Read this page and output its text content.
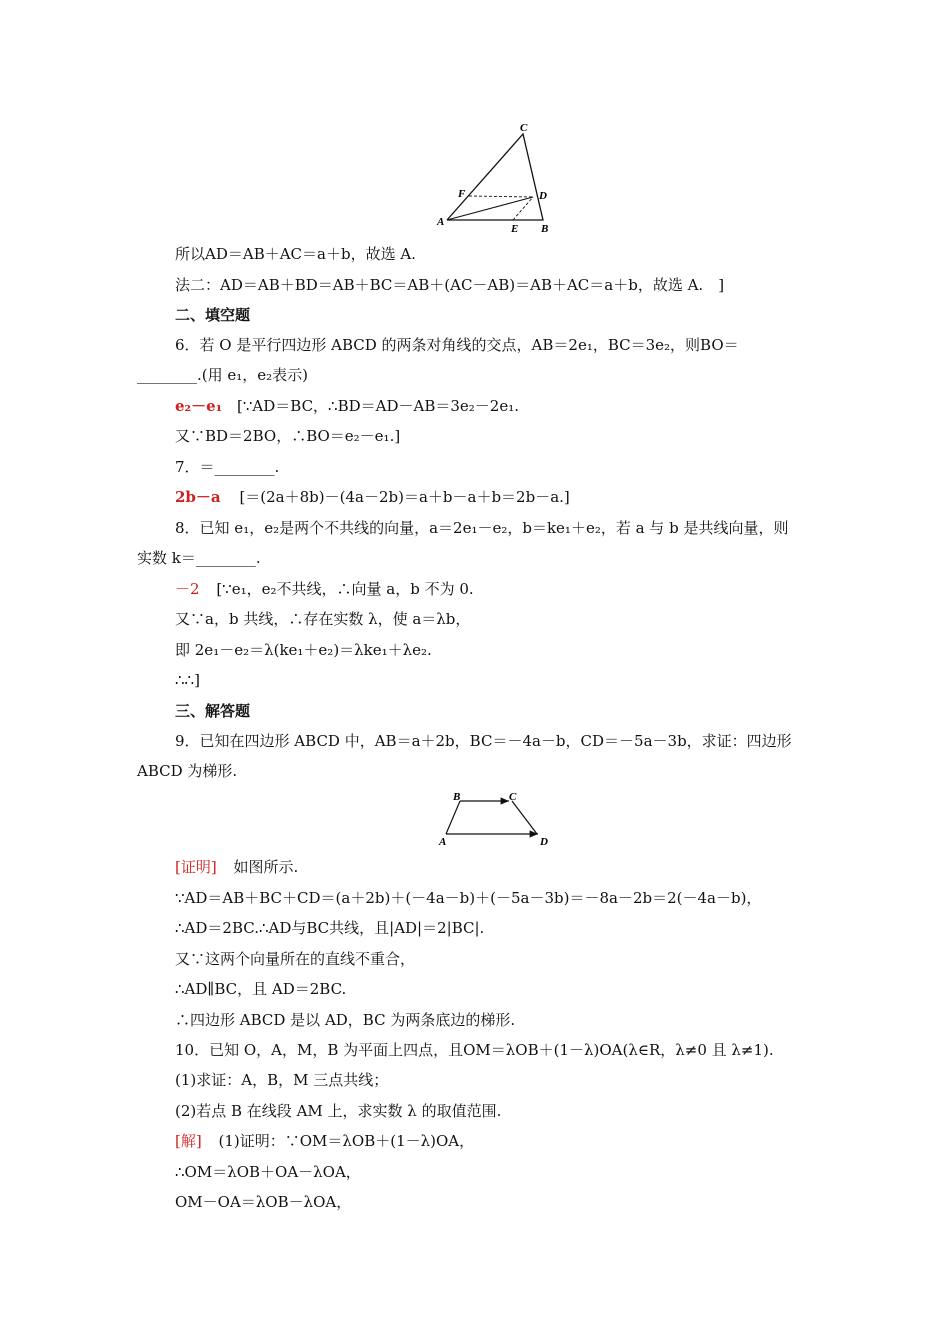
C
F	D
A
E B
所以AD＝AB＋AC＝a＋b，故选 A.
法二：AD＝AB＋BD＝AB＋BC＝AB＋(AC－AB)＝AB＋AC＝a＋b，故选 A.　]
二、填空题
6．若 O 是平行四边形 ABCD 的两条对角线的交点，AB＝2e₁，BC＝3e₂，则BO＝
________.(用 e₁，e₂表示)
e₂－e₁ [∵AD＝BC，∴BD＝AD－AB＝3e₂－2e₁.
又∵BD＝2BO，∴BO＝e₂－e₁.]
7．＝________.
2b－a [＝(2a＋8b)－(4a－2b)＝a＋b－a＋b＝2b－a.]
8．已知 e₁，e₂是两个不共线的向量，a＝2e₁－e₂，b＝ke₁＋e₂，若 a 与 b 是共线向量，则
实数 k＝________.
－2 [∵e₁，e₂不共线，∴向量 a，b 不为 0.
又∵a，b 共线，∴存在实数 λ，使 a＝λb，
即 2e₁－e₂＝λ(ke₁＋e₂)＝λke₁＋λe₂.
∴∴]
三、解答题
9．已知在四边形 ABCD 中，AB＝a＋2b，BC＝－4a－b，CD＝－5a－3b，求证：四边形
ABCD 为梯形.
B	C
A	D
[证明] 如图所示.
∵AD＝AB＋BC＋CD＝(a＋2b)＋(－4a－b)＋(－5a－3b)＝－8a－2b＝2(－4a－b)，
∴AD＝2BC.∴AD与BC共线，且|AD|＝2|BC|.
又∵这两个向量所在的直线不重合，
∴AD∥BC，且 AD＝2BC.
∴四边形 ABCD 是以 AD，BC 为两条底边的梯形.
10．已知 O，A，M，B 为平面上四点，且OM＝λOB＋(1－λ)OA(λ∈R，λ≠0 且 λ≠1).
(1)求证：A，B，M 三点共线；
(2)若点 B 在线段 AM 上，求实数 λ 的取值范围.
[解] (1)证明：∵OM＝λOB＋(1－λ)OA，
∴OM＝λOB＋OA－λOA，
OM－OA＝λOB－λOA，
